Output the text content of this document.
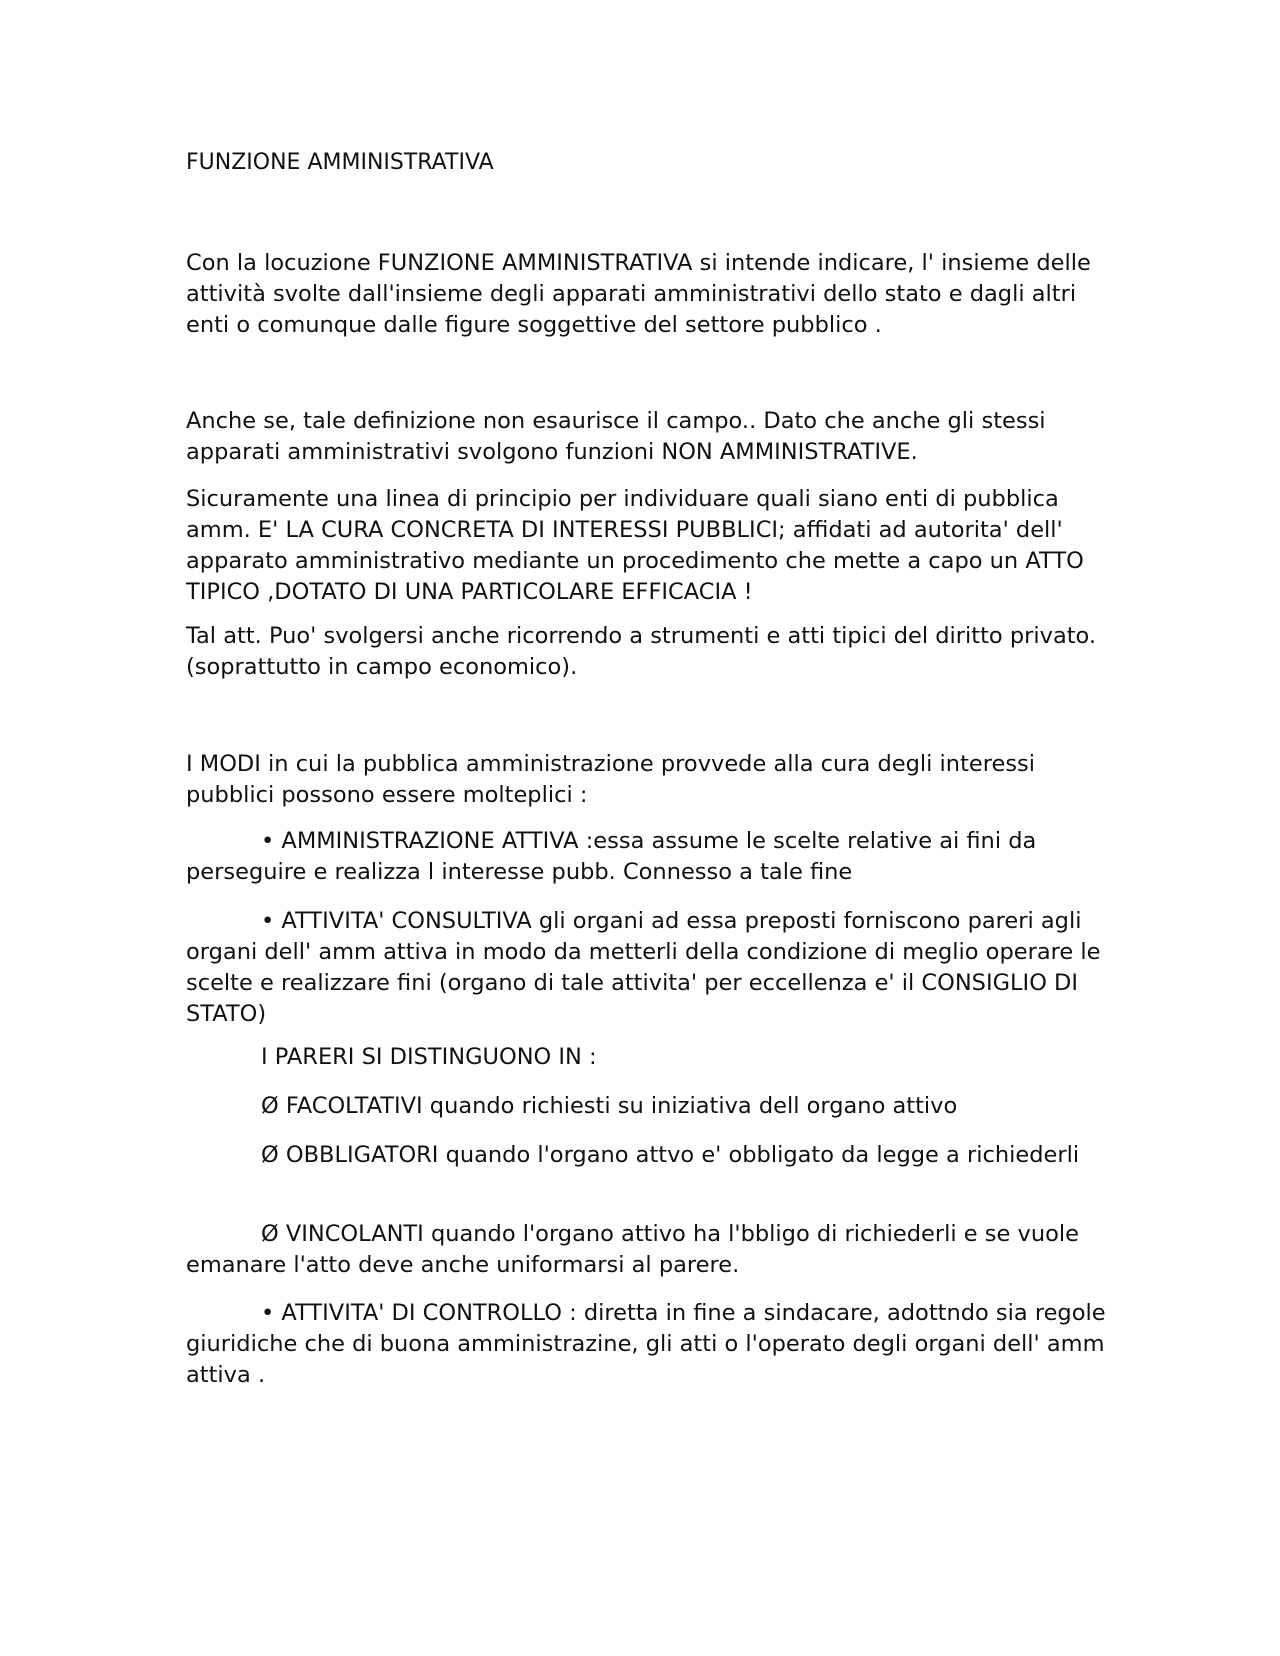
FUNZIONE AMMINISTRATIVA

Con la locuzione FUNZIONE AMMINISTRATIVA si intende indicare, l' insieme delle attività svolte dall'insieme degli apparati amministrativi dello stato e dagli altri enti o comunque dalle figure soggettive del settore pubblico .

Anche se, tale definizione non esaurisce il campo.. Dato che anche gli stessi apparati amministrativi svolgono funzioni NON AMMINISTRATIVE.

Sicuramente una linea di principio per individuare quali siano enti di pubblica amm. E' LA CURA CONCRETA DI INTERESSI PUBBLICI; affidati ad autorita' dell' apparato amministrativo mediante un procedimento che mette a capo un ATTO TIPICO ,DOTATO DI UNA PARTICOLARE EFFICACIA !

Tal att. Puo' svolgersi anche ricorrendo a strumenti e atti tipici del diritto privato.(soprattutto in campo economico).

I MODI in cui la pubblica amministrazione provvede alla cura degli interessi pubblici possono essere molteplici :

• AMMINISTRAZIONE ATTIVA :essa assume le scelte relative ai fini da perseguire e realizza l interesse pubb. Connesso a tale fine

• ATTIVITA' CONSULTIVA gli organi ad essa preposti forniscono pareri agli organi dell' amm attiva in modo da metterli della condizione di meglio operare le scelte e realizzare fini (organo di tale attivita' per eccellenza e' il CONSIGLIO DI STATO)

I PARERI SI DISTINGUONO IN :

Ø FACOLTATIVI quando richiesti su iniziativa dell organo attivo

Ø OBBLIGATORI quando l'organo attvo e' obbligato da legge a richiederli

Ø VINCOLANTI quando l'organo attivo ha l'bbligo di richiederli e se vuole emanare l'atto deve anche uniformarsi al parere.

• ATTIVITA' DI CONTROLLO : diretta in fine a sindacare, adottndo sia regole giuridiche che di buona amministrazine, gli atti o l'operato degli organi dell' amm attiva .
